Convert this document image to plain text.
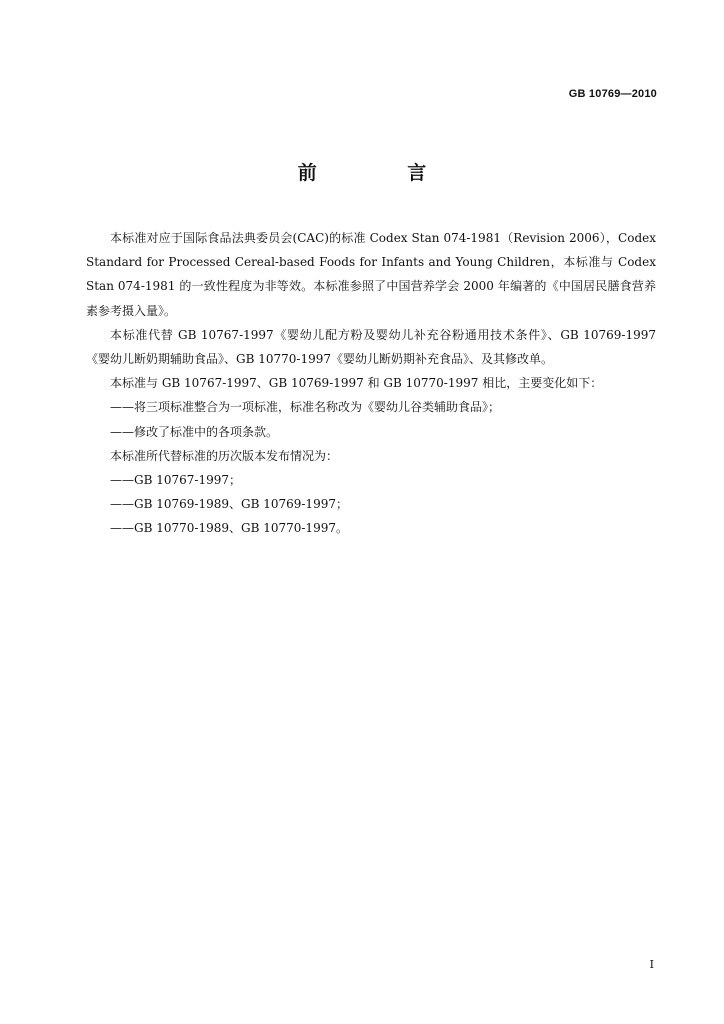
GB 10769—2010
前 言

本标准对应于国际食品法典委员会(CAC)的标准 Codex Stan 074-1981（Revision 2006），Codex Standard for Processed Cereal-based Foods for Infants and Young Children，本标准与 Codex Stan 074-1981 的一致性程度为非等效。本标准参照了中国营养学会 2000 年编著的《中国居民膳食营养素参考摄入量》。

本标准代替 GB 10767-1997《婴幼儿配方粉及婴幼儿补充谷粉通用技术条件》、GB 10769-1997《婴幼儿断奶期辅助食品》、GB 10770-1997《婴幼儿断奶期补充食品》、及其修改单。

本标准与 GB 10767-1997、GB 10769-1997 和 GB 10770-1997 相比，主要变化如下：

——将三项标准整合为一项标准，标准名称改为《婴幼儿谷类辅助食品》；

——修改了标准中的各项条款。

本标准所代替标准的历次版本发布情况为：

——GB 10767-1997；

——GB 10769-1989、GB 10769-1997；

——GB 10770-1989、GB 10770-1997。

I
